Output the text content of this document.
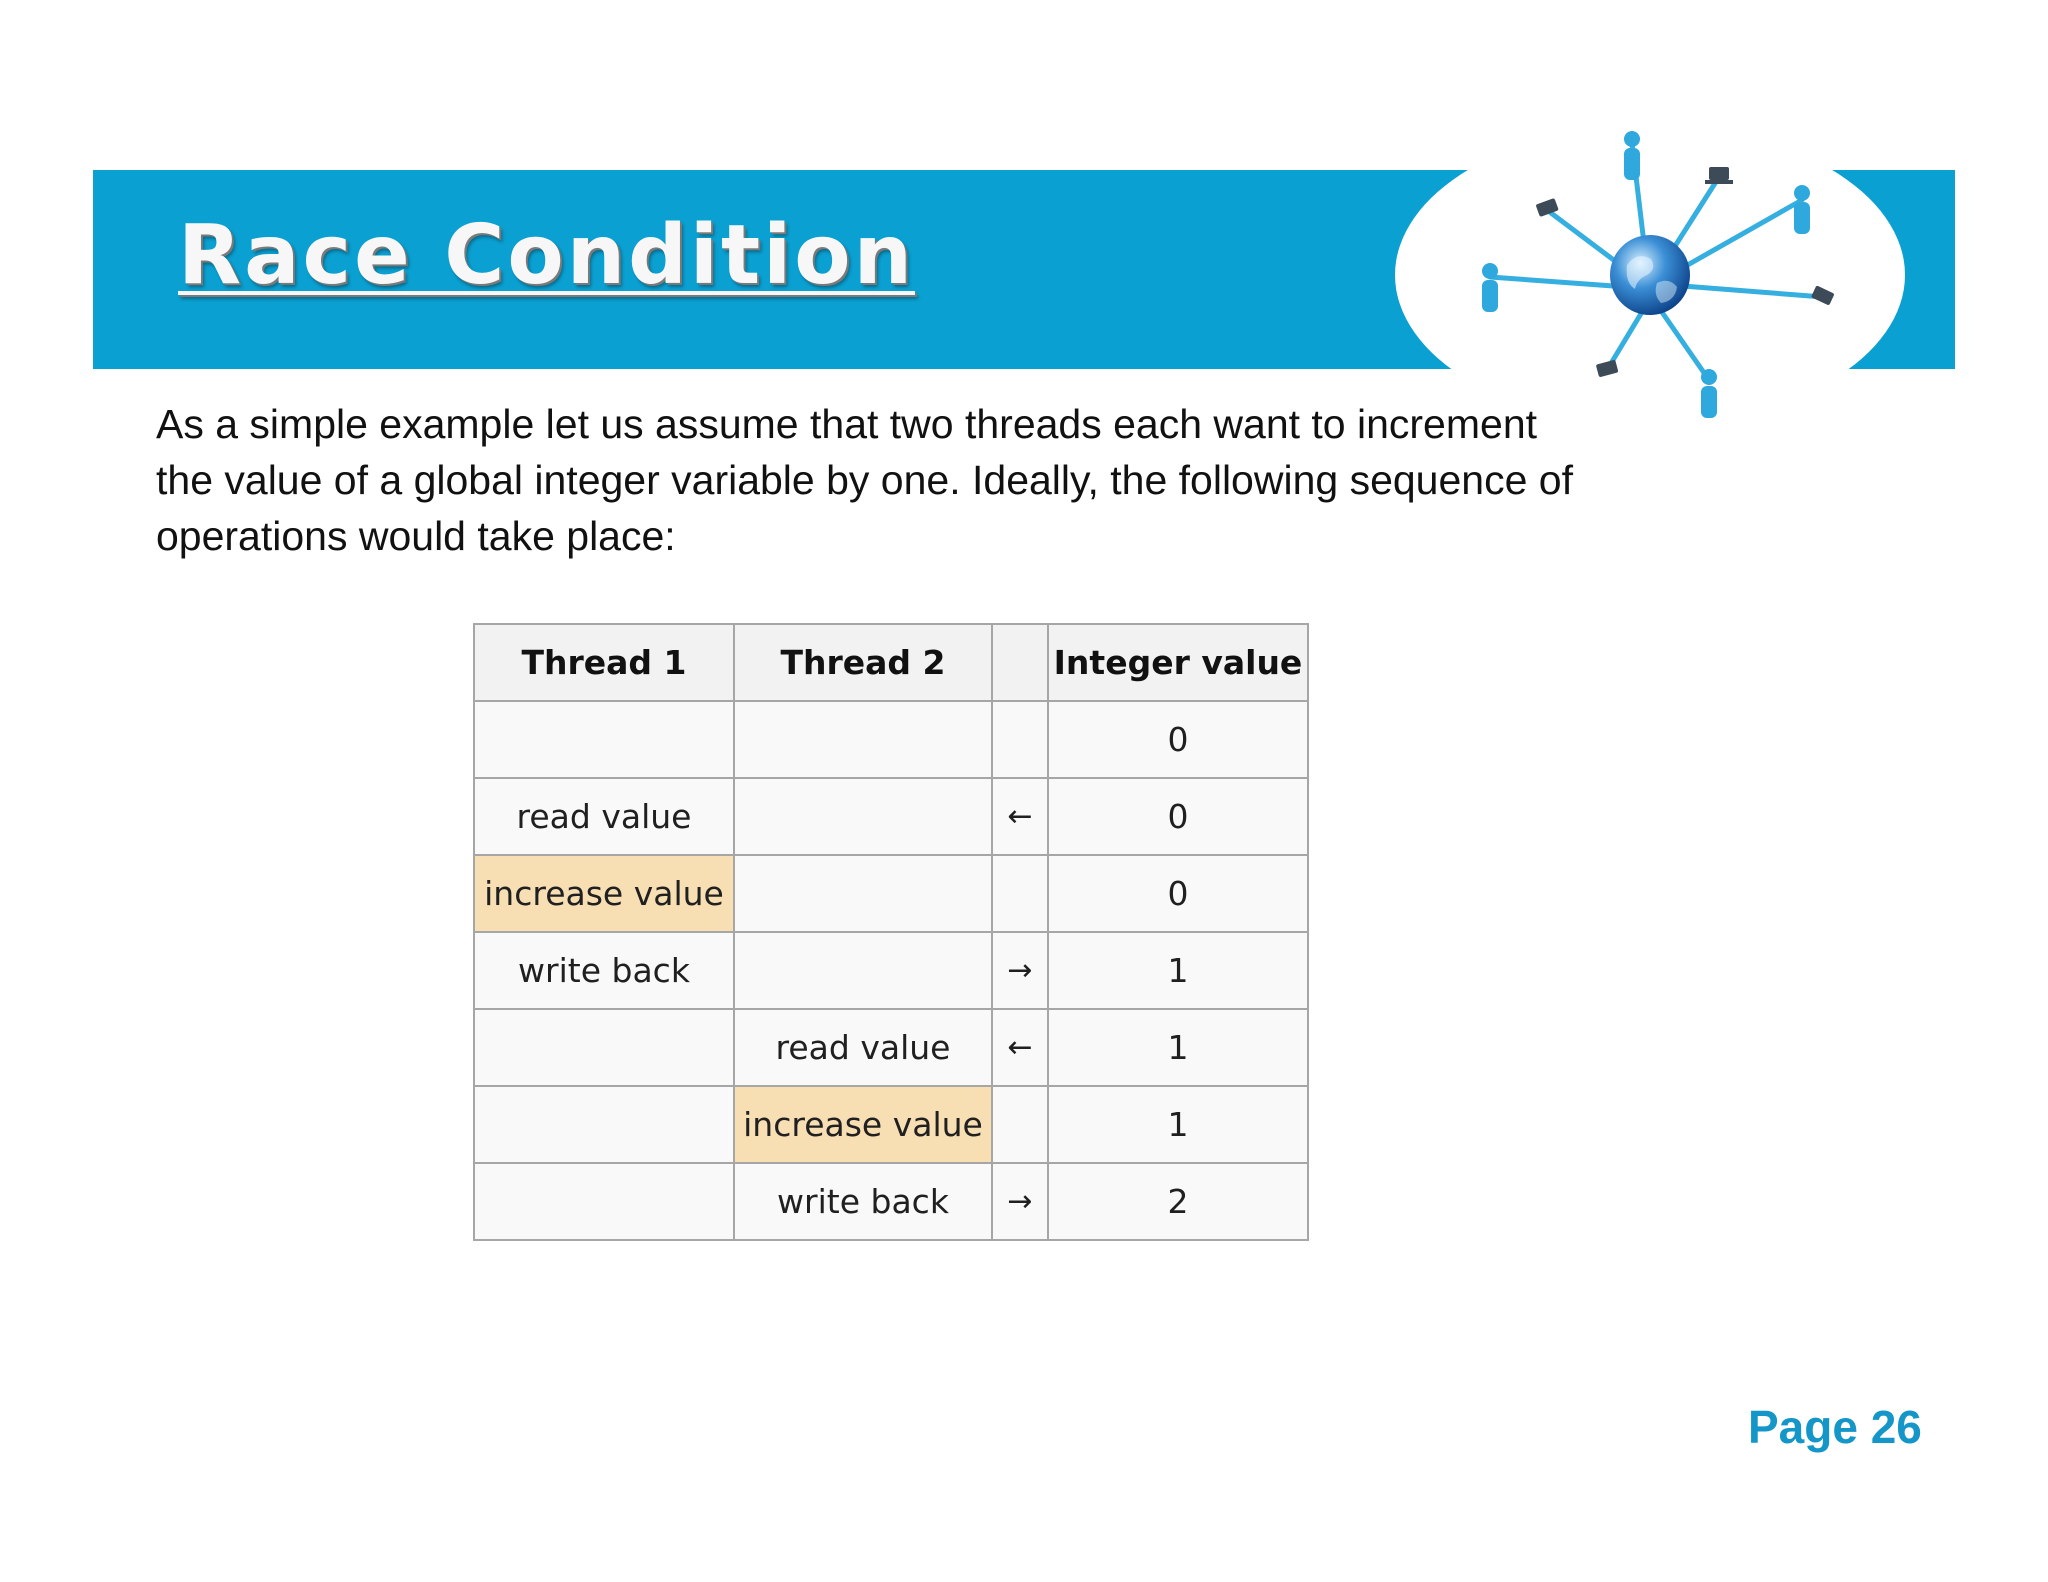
Race Condition
As a simple example let us assume that two threads each want to increment
the value of a global integer variable by one. Ideally, the following sequence of
operations would take place:
Thread 1	Thread 2		Integer value
			0
read value		←	0
increase value			0
write back		→	1
	read value	←	1
	increase value		1
	write back	→	2
Page 26
